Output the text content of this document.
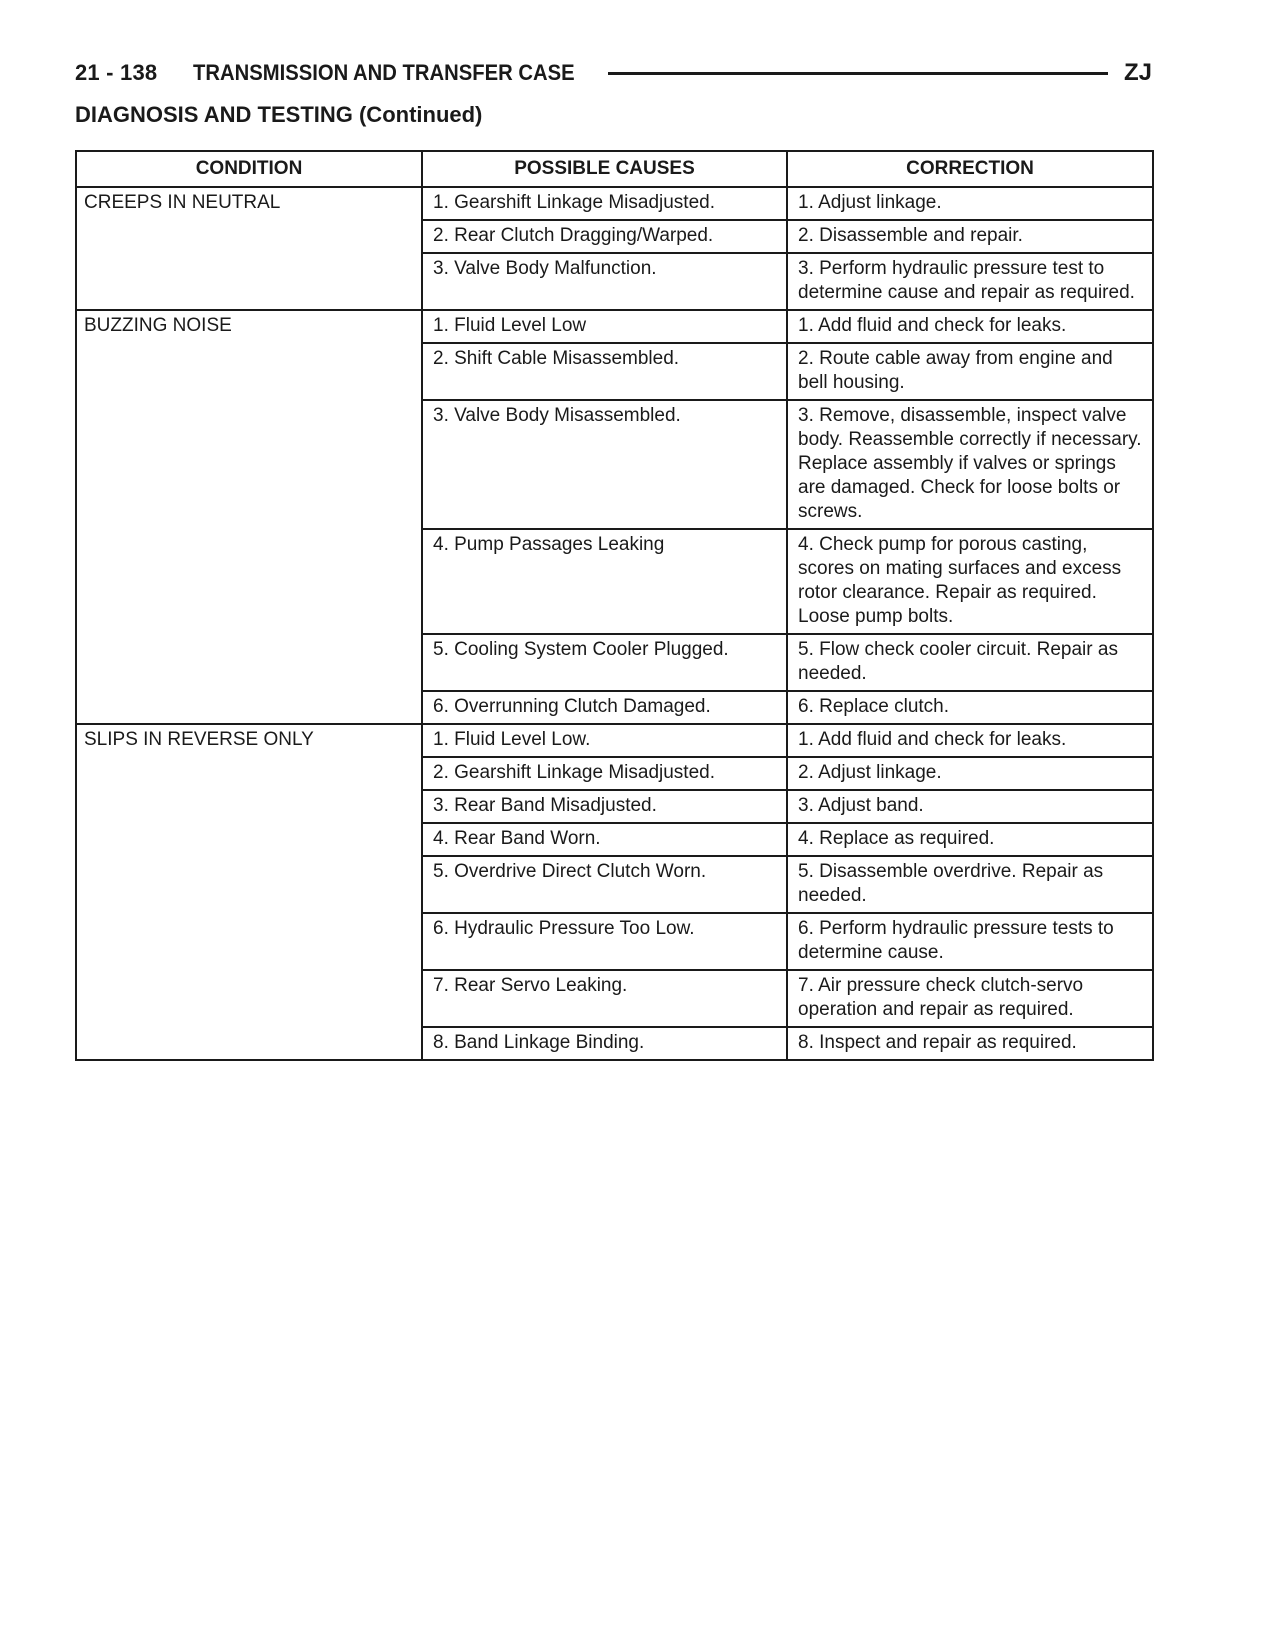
21 - 138 TRANSMISSION AND TRANSFER CASE	ZJ
DIAGNOSIS AND TESTING (Continued)
CONDITION	POSSIBLE CAUSES	CORRECTION
CREEPS IN NEUTRAL	1. Gearshift Linkage Misadjusted.	1. Adjust linkage.
	2. Rear Clutch Dragging/Warped.	2. Disassemble and repair.
	3. Valve Body Malfunction.	3. Perform hydraulic pressure test to determine cause and repair as required.
BUZZING NOISE	1. Fluid Level Low	1. Add fluid and check for leaks.
	2. Shift Cable Misassembled.	2. Route cable away from engine and bell housing.
	3. Valve Body Misassembled.	3. Remove, disassemble, inspect valve body. Reassemble correctly if necessary. Replace assembly if valves or springs are damaged. Check for loose bolts or screws.
	4. Pump Passages Leaking	4. Check pump for porous casting, scores on mating surfaces and excess rotor clearance. Repair as required. Loose pump bolts.
	5. Cooling System Cooler Plugged.	5. Flow check cooler circuit. Repair as needed.
	6. Overrunning Clutch Damaged.	6. Replace clutch.
SLIPS IN REVERSE ONLY	1. Fluid Level Low.	1. Add fluid and check for leaks.
	2. Gearshift Linkage Misadjusted.	2. Adjust linkage.
	3. Rear Band Misadjusted.	3. Adjust band.
	4. Rear Band Worn.	4. Replace as required.
	5. Overdrive Direct Clutch Worn.	5. Disassemble overdrive. Repair as needed.
	6. Hydraulic Pressure Too Low.	6. Perform hydraulic pressure tests to determine cause.
	7. Rear Servo Leaking.	7. Air pressure check clutch-servo operation and repair as required.
	8. Band Linkage Binding.	8. Inspect and repair as required.
